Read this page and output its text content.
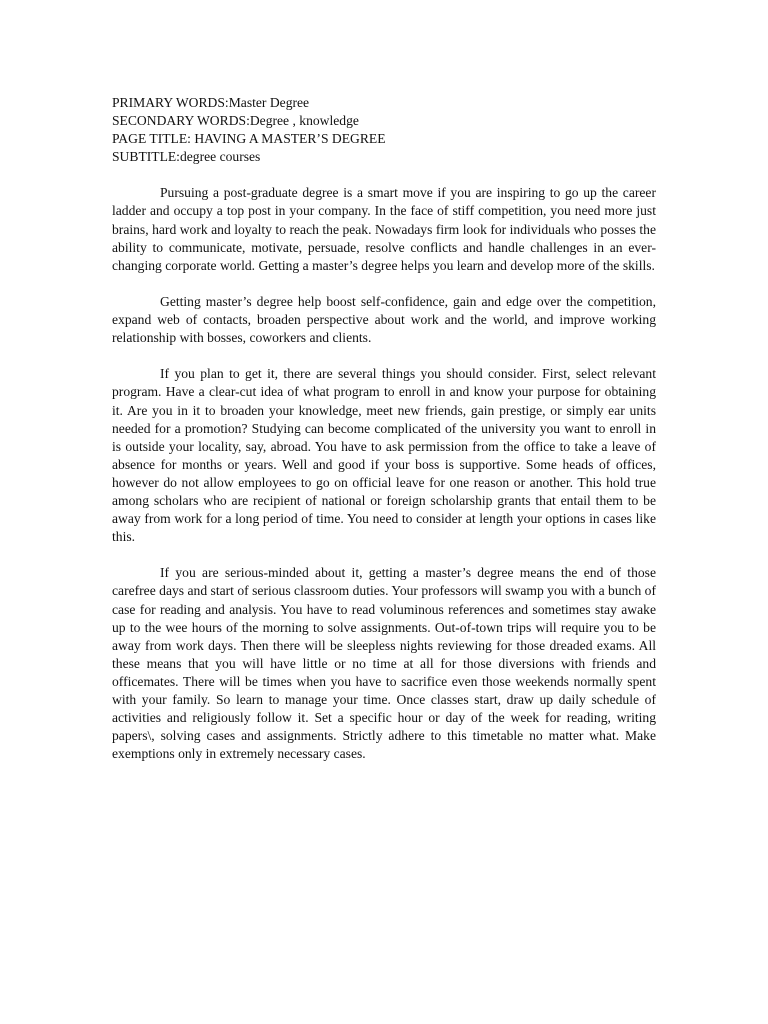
PRIMARY WORDS:Master Degree
SECONDARY WORDS:Degree , knowledge
PAGE TITLE: HAVING A MASTER’S DEGREE
SUBTITLE:degree courses

Pursuing a post-graduate degree is a smart move if you are inspiring to go up the career ladder and occupy a top post in your company. In the face of stiff competition, you need more just brains, hard work and loyalty to reach the peak. Nowadays firm look for individuals who posses the ability to communicate, motivate, persuade, resolve conflicts and handle challenges in an ever-changing corporate world. Getting a master’s degree helps you learn and develop more of the skills.

Getting master’s degree help boost self-confidence, gain and edge over the competition, expand web of contacts, broaden perspective about work and the world, and improve working relationship with bosses, coworkers and clients.

If you plan to get it, there are several things you should consider. First, select relevant program. Have a clear-cut idea of what program to enroll in and know your purpose for obtaining it. Are you in it to broaden your knowledge, meet new friends, gain prestige, or simply ear units needed for a promotion? Studying can become complicated of the university you want to enroll in is outside your locality, say, abroad. You have to ask permission from the office to take a leave of absence for months or years. Well and good if your boss is supportive. Some heads of offices, however do not allow employees to go on official leave for one reason or another. This hold true among scholars who are recipient of national or foreign scholarship grants that entail them to be away from work for a long period of time. You need to consider at length your options in cases like this.

If you are serious-minded about it, getting a master’s degree means the end of those carefree days and start of serious classroom duties. Your professors will swamp you with a bunch of case for reading and analysis. You have to read voluminous references and sometimes stay awake up to the wee hours of the morning to solve assignments. Out-of-town trips will require you to be away from work days. Then there will be sleepless nights reviewing for those dreaded exams. All these means that you will have little or no time at all for those diversions with friends and officemates. There will be times when you have to sacrifice even those weekends normally spent with your family. So learn to manage your time. Once classes start, draw up daily schedule of activities and religiously follow it. Set a specific hour or day of the week for reading, writing papers\, solving cases and assignments. Strictly adhere to this timetable no matter what. Make exemptions only in extremely necessary cases.
